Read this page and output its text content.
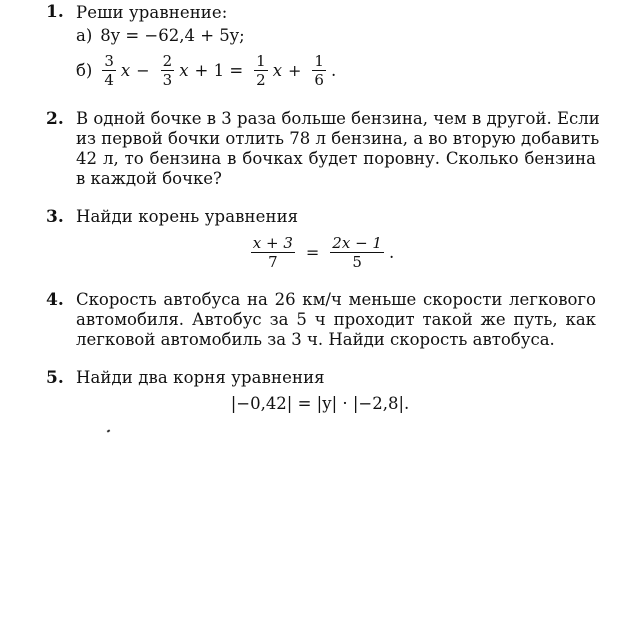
1. Реши уравнение:
а) 8y = −62,4 + 5y;
$б) \frac{3}{4}$ $x - \frac{2}{3}$ $x + 1 = \frac{1}{2}$ $x + \frac{1}{6}$ .
2. В одной бочке в 3 раза больше бензина, чем в другой. Если
из первой бочки отлить 78 л бензина, а во вторую добавить
42 л, то бензина в бочках будет поровну. Сколько бензина
в каждой бочке?
3. Найди корень уравнения
$\frac{x + 3}{7} = \frac{2x - 1}{5}$ .
4. Скорость автобуса на 26 км/ч меньше скорости легкового
автомобиля. Автобус за 5 ч проходит такой же путь, как
легковой автомобиль за 3 ч. Найди скорость автобуса.
5. Найди два корня уравнения
|−0,42| = |y| · |−2,8|.
